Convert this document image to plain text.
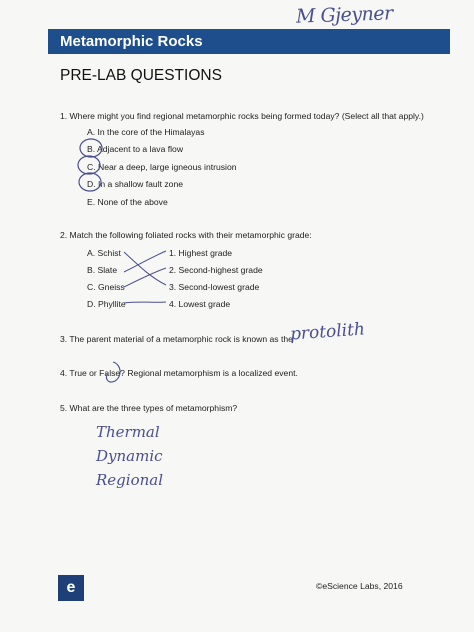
M Gjeyner
Metamorphic Rocks
PRE-LAB QUESTIONS
1. Where might you find regional metamorphic rocks being formed today? (Select all that apply.)
A. In the core of the Himalayas
B. Adjacent to a lava flow
C. Near a deep, large igneous intrusion
D. In a shallow fault zone
E. None of the above
2. Match the following foliated rocks with their metamorphic grade:
A. Schist
B. Slate
C. Gneiss
D. Phyllite
1. Highest grade
2. Second-highest grade
3. Second-lowest grade
4. Lowest grade
3. The parent material of a metamorphic rock is known as the
protolith
4. True or False? Regional metamorphism is a localized event.
5. What are the three types of metamorphism?
Thermal
Dynamic
Regional
e	©eScience Labs, 2016
